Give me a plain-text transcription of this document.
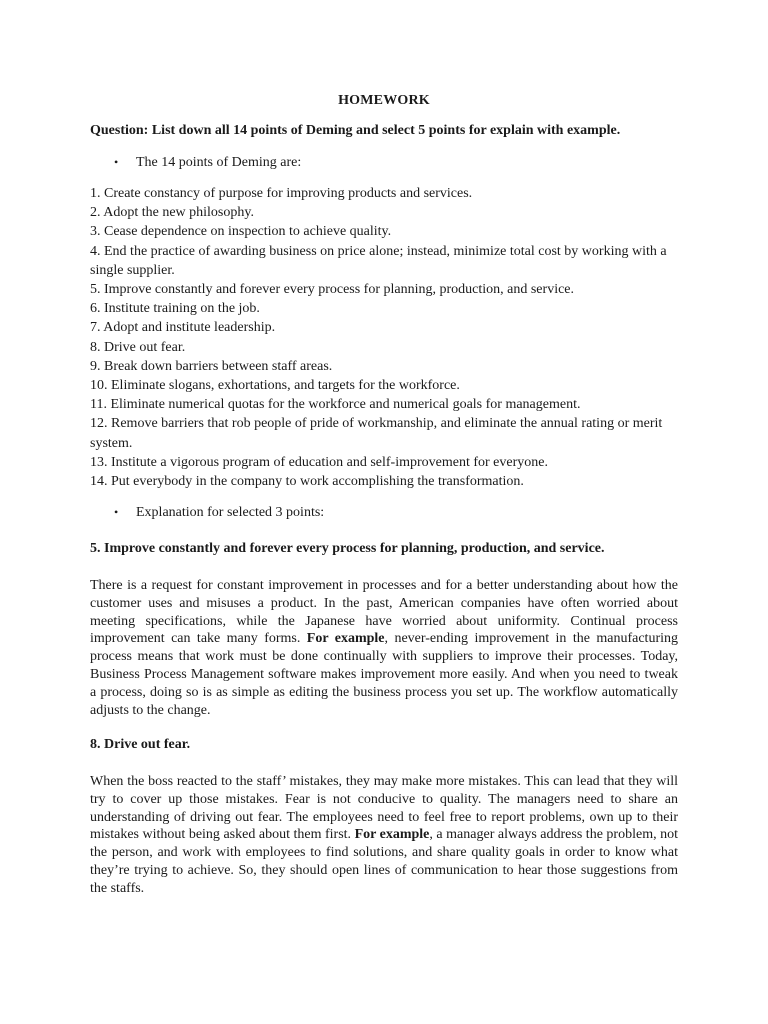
HOMEWORK
Question: List down all 14 points of Deming and select 5 points for explain with example.
• The 14 points of Deming are:
1. Create constancy of purpose for improving products and services.
2. Adopt the new philosophy.
3. Cease dependence on inspection to achieve quality.
4. End the practice of awarding business on price alone; instead, minimize total cost by working with a single supplier.
5. Improve constantly and forever every process for planning, production, and service.
6. Institute training on the job.
7. Adopt and institute leadership.
8. Drive out fear.
9. Break down barriers between staff areas.
10. Eliminate slogans, exhortations, and targets for the workforce.
11. Eliminate numerical quotas for the workforce and numerical goals for management.
12. Remove barriers that rob people of pride of workmanship, and eliminate the annual rating or merit system.
13. Institute a vigorous program of education and self-improvement for everyone.
14. Put everybody in the company to work accomplishing the transformation.
• Explanation for selected 3 points:
5. Improve constantly and forever every process for planning, production, and service.

There is a request for constant improvement in processes and for a better understanding about how the customer uses and misuses a product. In the past, American companies have often worried about meeting specifications, while the Japanese have worried about uniformity. Continual process improvement can take many forms. For example, never-ending improvement in the manufacturing process means that work must be done continually with suppliers to improve their processes. Today, Business Process Management software makes improvement more easily. And when you need to tweak a process, doing so is as simple as editing the business process you set up. The workflow automatically adjusts to the change.

8. Drive out fear.

When the boss reacted to the staff’ mistakes, they may make more mistakes. This can lead that they will try to cover up those mistakes. Fear is not conducive to quality. The managers need to share an understanding of driving out fear. The employees need to feel free to report problems, own up to their mistakes without being asked about them first. For example, a manager always address the problem, not the person, and work with employees to find solutions, and share quality goals in order to know what they’re trying to achieve. So, they should open lines of communication to hear those suggestions from the staffs.
